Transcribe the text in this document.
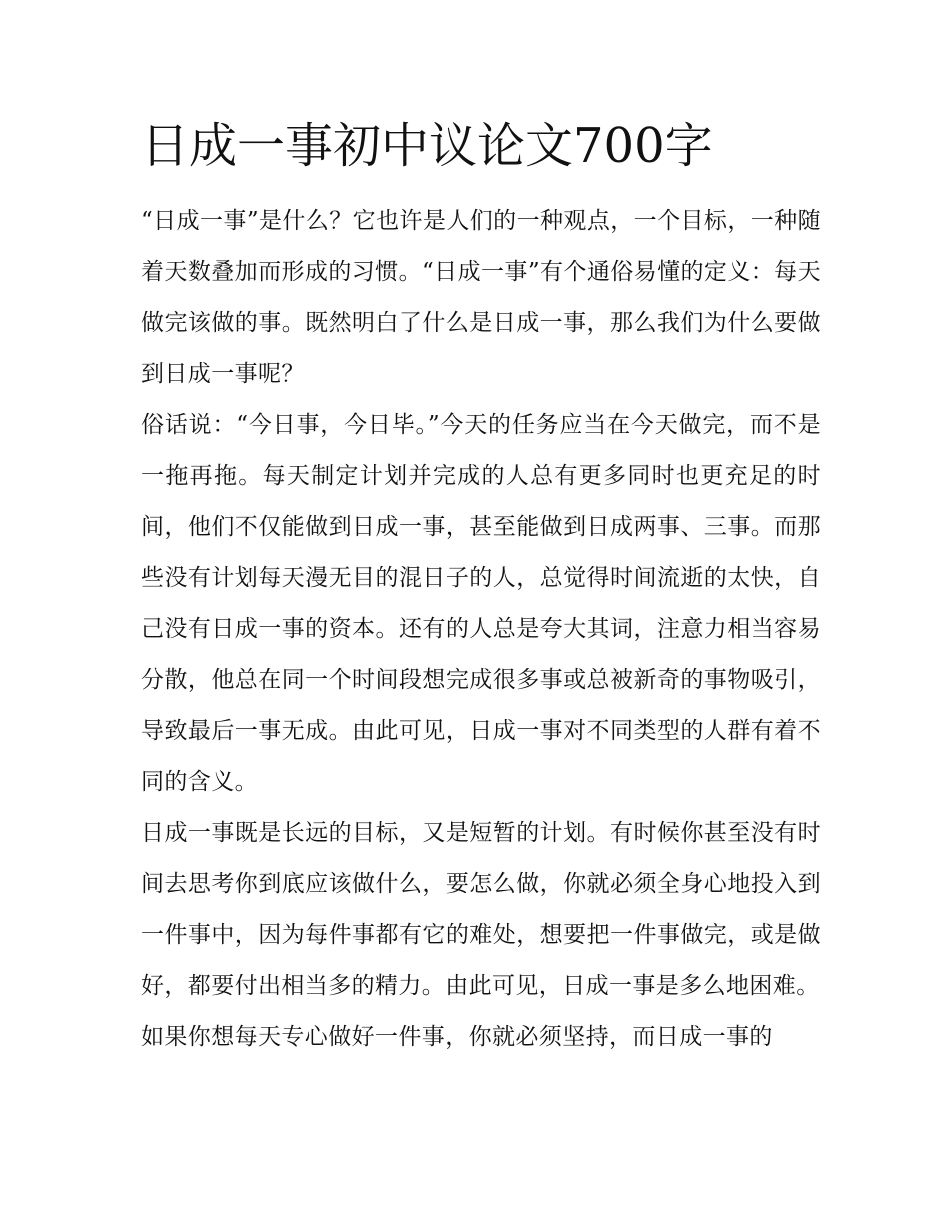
日成一事初中议论文700字

“日成一事”是什么？它也许是人们的一种观点，一个目标，一种随着天数叠加而形成的习惯。“日成一事”有个通俗易懂的定义：每天做完该做的事。既然明白了什么是日成一事，那么我们为什么要做到日成一事呢？

俗话说：“今日事，今日毕。”今天的任务应当在今天做完，而不是一拖再拖。每天制定计划并完成的人总有更多同时也更充足的时间，他们不仅能做到日成一事，甚至能做到日成两事、三事。而那些没有计划每天漫无目的混日子的人，总觉得时间流逝的太快，自己没有日成一事的资本。还有的人总是夸大其词，注意力相当容易分散，他总在同一个时间段想完成很多事或总被新奇的事物吸引，导致最后一事无成。由此可见，日成一事对不同类型的人群有着不同的含义。

日成一事既是长远的目标，又是短暂的计划。有时候你甚至没有时间去思考你到底应该做什么，要怎么做，你就必须全身心地投入到一件事中，因为每件事都有它的难处，想要把一件事做完，或是做好，都要付出相当多的精力。由此可见，日成一事是多么地困难。

如果你想每天专心做好一件事，你就必须坚持，而日成一事的
